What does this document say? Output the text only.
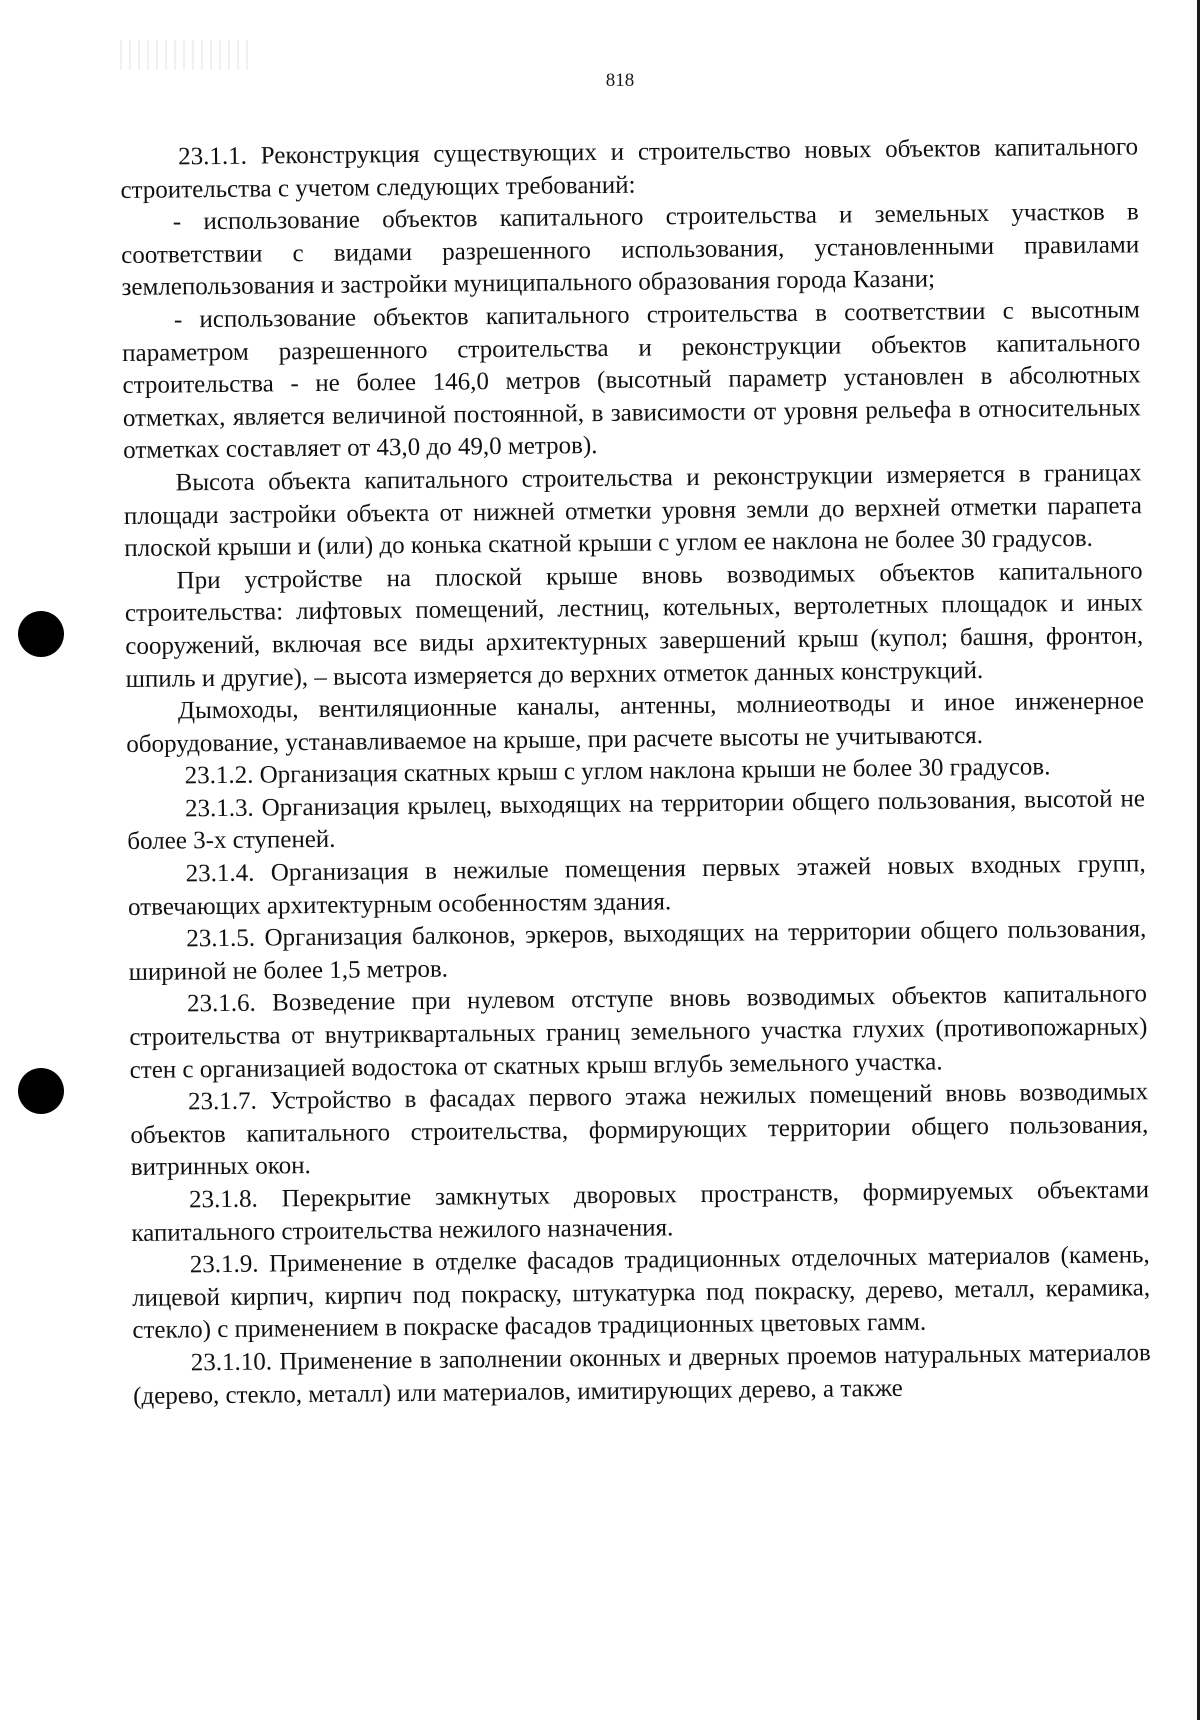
818

23.1.1. Реконструкция существующих и строительство новых объектов капитального строительства с учетом следующих требований:

- использование объектов капитального строительства и земельных участков в соответствии с видами разрешенного использования, установленными правилами землепользования и застройки муниципального образования города Казани;

- использование объектов капитального строительства в соответствии с высотным параметром разрешенного строительства и реконструкции объектов капитального строительства - не более 146,0 метров (высотный параметр установлен в абсолютных отметках, является величиной постоянной, в зависимости от уровня рельефа в относительных отметках составляет от 43,0 до 49,0 метров).

Высота объекта капитального строительства и реконструкции измеряется в границах площади застройки объекта от нижней отметки уровня земли до верхней отметки парапета плоской крыши и (или) до конька скатной крыши с углом ее наклона не более 30 градусов.

При устройстве на плоской крыше вновь возводимых объектов капитального строительства: лифтовых помещений, лестниц, котельных, вертолетных площадок и иных сооружений, включая все виды архитектурных завершений крыш (купол; башня, фронтон, шпиль и другие), – высота измеряется до верхних отметок данных конструкций.

Дымоходы, вентиляционные каналы, антенны, молниеотводы и иное инженерное оборудование, устанавливаемое на крыше, при расчете высоты не учитываются.

23.1.2. Организация скатных крыш с углом наклона крыши не более 30 градусов.

23.1.3. Организация крылец, выходящих на территории общего пользования, высотой не более 3-х ступеней.

23.1.4. Организация в нежилые помещения первых этажей новых входных групп, отвечающих архитектурным особенностям здания.

23.1.5. Организация балконов, эркеров, выходящих на территории общего пользования, шириной не более 1,5 метров.

23.1.6. Возведение при нулевом отступе вновь возводимых объектов капитального строительства от внутриквартальных границ земельного участка глухих (противопожарных) стен с организацией водостока от скатных крыш вглубь земельного участка.

23.1.7. Устройство в фасадах первого этажа нежилых помещений вновь возводимых объектов капитального строительства, формирующих территории общего пользования, витринных окон.

23.1.8. Перекрытие замкнутых дворовых пространств, формируемых объектами капитального строительства нежилого назначения.

23.1.9. Применение в отделке фасадов традиционных отделочных материалов (камень, лицевой кирпич, кирпич под покраску, штукатурка под покраску, дерево, металл, керамика, стекло) с применением в покраске фасадов традиционных цветовых гамм.

23.1.10. Применение в заполнении оконных и дверных проемов натуральных материалов (дерево, стекло, металл) или материалов, имитирующих дерево, а также
